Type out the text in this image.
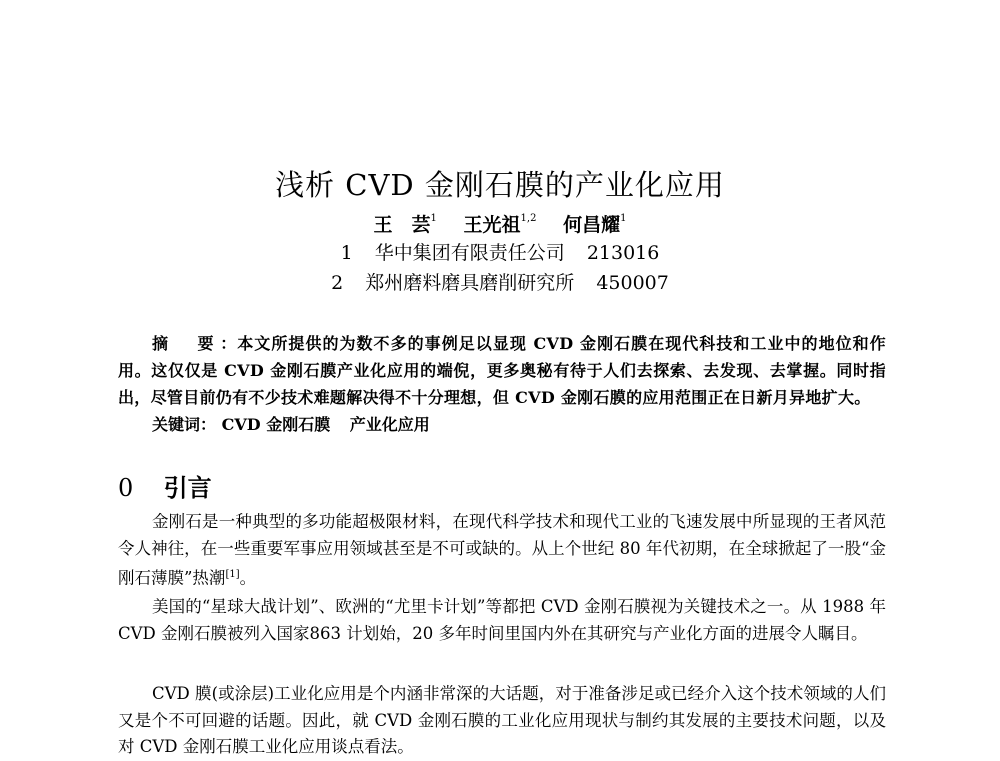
浅析 CVD 金刚石膜的产业化应用
王　芸$^1$ 王光祖$^{1,2}$ 何昌耀$^1$
1 华中集团有限责任公司 213016
2 郑州磨料磨具磨削研究所 450007

摘　要：本文所提供的为数不多的事例足以显现 CVD 金刚石膜在现代科技和工业中的地位和作用。这仅仅是 CVD 金刚石膜产业化应用的端倪，更多奥秘有待于人们去探索、去发现、去掌握。同时指出，尽管目前仍有不少技术难题解决得不十分理想，但 CVD 金刚石膜的应用范围正在日新月异地扩大。

关键词： CVD 金刚石膜 产业化应用
0 引言

金刚石是一种典型的多功能超极限材料，在现代科学技术和现代工业的飞速发展中所显现的王者风范令人神往，在一些重要军事应用领域甚至是不可或缺的。从上个世纪 80 年代初期，在全球掀起了一股“金刚石薄膜”热潮[1]。

美国的“星球大战计划”、欧洲的“尤里卡计划”等都把 CVD 金刚石膜视为关键技术之一。从 1988 年 CVD 金刚石膜被列入国家863 计划始，20 多年时间里国内外在其研究与产业化方面的进展令人瞩目。

CVD 膜(或涂层)工业化应用是个内涵非常深的大话题，对于准备涉足或已经介入这个技术领域的人们又是个不可回避的话题。因此，就 CVD 金刚石膜的工业化应用现状与制约其发展的主要技术问题，以及对 CVD 金刚石膜工业化应用谈点看法。
